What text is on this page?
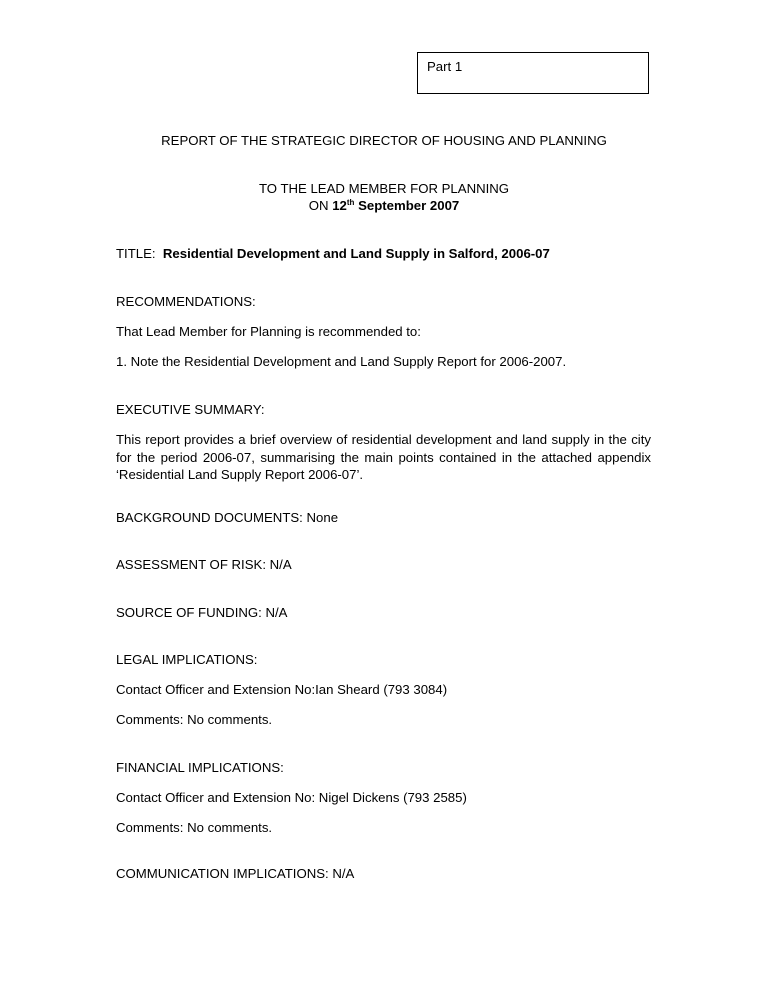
Part 1
REPORT OF THE STRATEGIC DIRECTOR OF HOUSING AND PLANNING
TO THE LEAD MEMBER FOR PLANNING
ON 12th September 2007
TITLE:  Residential Development and Land Supply in Salford, 2006-07
RECOMMENDATIONS:
That Lead Member for Planning is recommended to:
1. Note the Residential Development and Land Supply Report for 2006-2007.
EXECUTIVE SUMMARY:
This report provides a brief overview of residential development and land supply in the city for the period 2006-07, summarising the main points contained in the attached appendix ‘Residential Land Supply Report 2006-07’.
BACKGROUND DOCUMENTS: None
ASSESSMENT OF RISK: N/A
SOURCE OF FUNDING: N/A
LEGAL IMPLICATIONS:
Contact Officer and Extension No:Ian Sheard (793 3084)
Comments: No comments.
FINANCIAL IMPLICATIONS:
Contact Officer and Extension No: Nigel Dickens (793 2585)
Comments: No comments.
COMMUNICATION IMPLICATIONS: N/A
